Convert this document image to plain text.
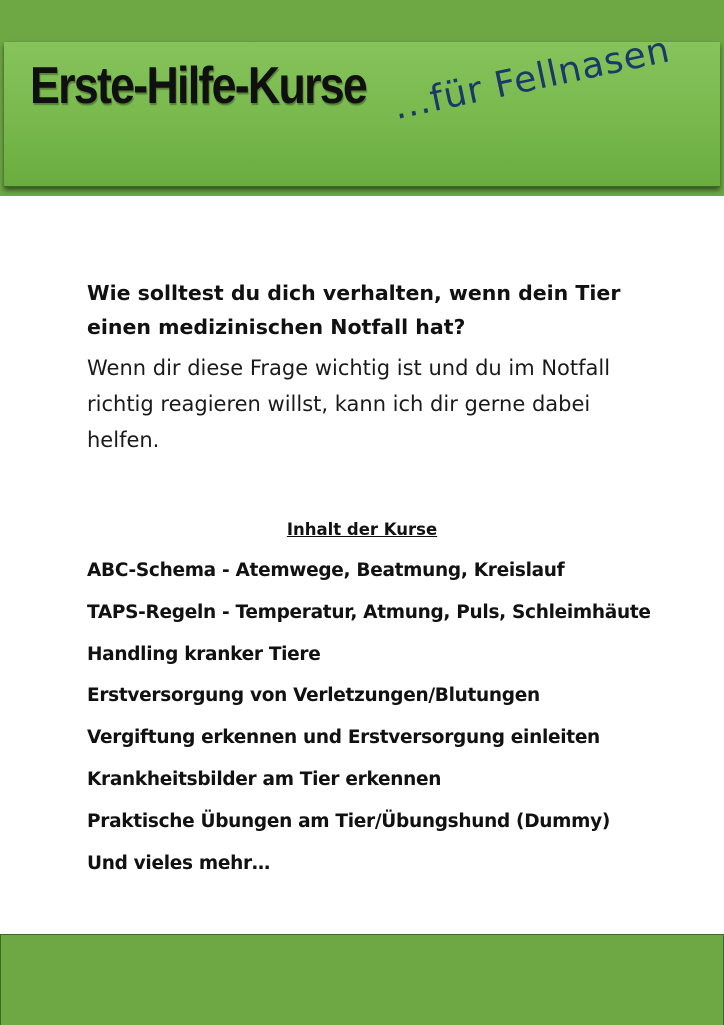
Erste-Hilfe-Kurse ...für Fellnasen

Wie solltest du dich verhalten, wenn dein Tier einen medizinischen Notfall hat?

Wenn dir diese Frage wichtig ist und du im Notfall richtig reagieren willst, kann ich dir gerne dabei helfen.

Inhalt der Kurse
ABC-Schema - Atemwege, Beatmung, Kreislauf
TAPS-Regeln - Temperatur, Atmung, Puls, Schleimhäute
Handling kranker Tiere
Erstversorgung von Verletzungen/Blutungen
Vergiftung erkennen und Erstversorgung einleiten
Krankheitsbilder am Tier erkennen
Praktische Übungen am Tier/Übungshund (Dummy)
Und vieles mehr…
